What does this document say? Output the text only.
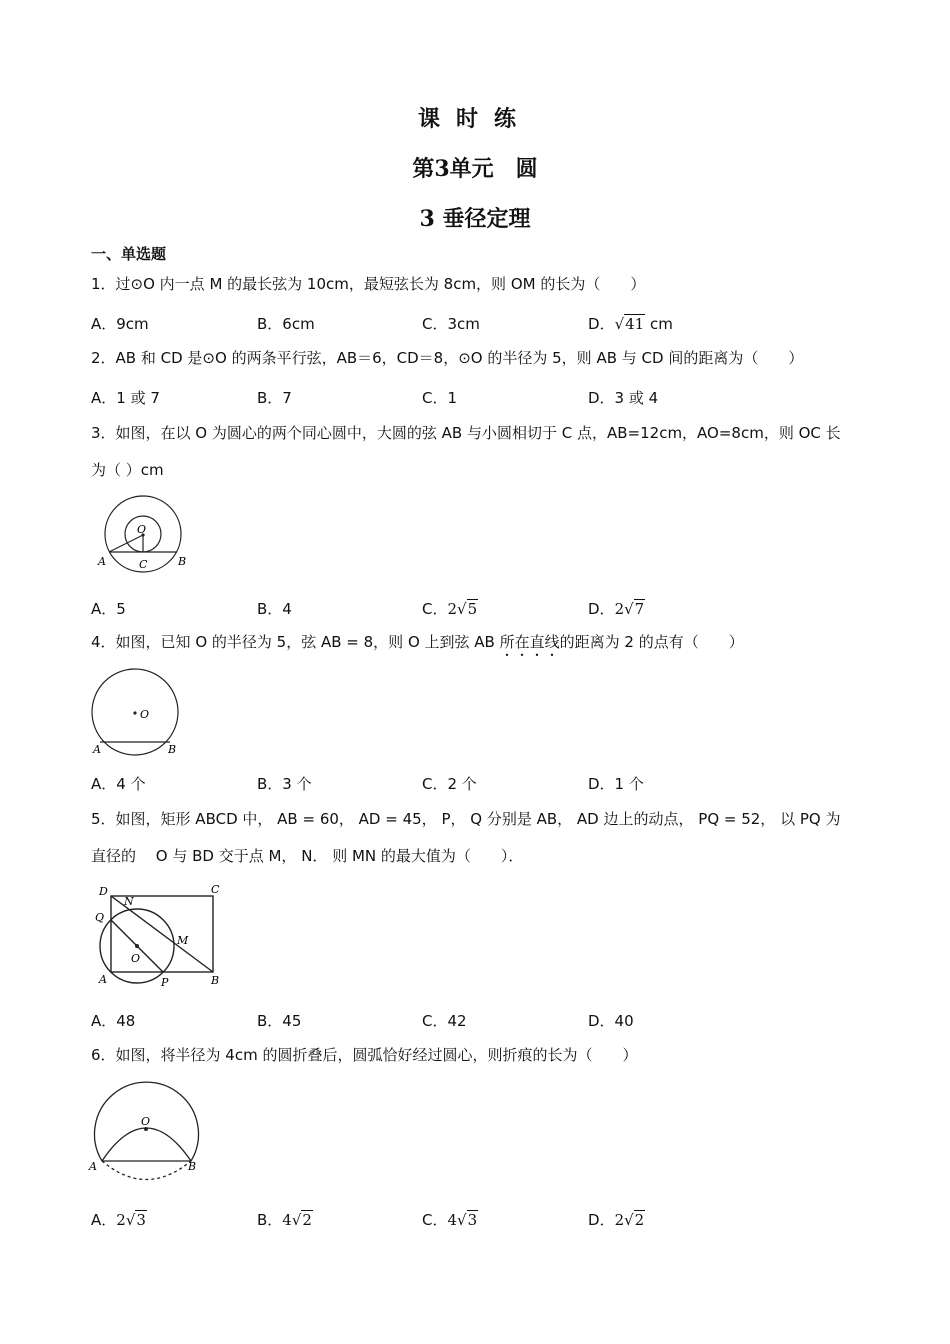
课时练
第3单元　圆
3 垂径定理
一、单选题
1．过⊙O 内一点 M 的最长弦为 10cm，最短弦长为 8cm，则 OM 的长为（　　）
A．9cm	B．6cm	C．3cm	D．√41 cm
2．AB 和 CD 是⊙O 的两条平行弦，AB＝6，CD＝8，⊙O 的半径为 5，则 AB 与 CD 间的距离为（　　）
A．1 或 7	B．7	C．1	D．3 或 4
3．如图，在以 O 为圆心的两个同心圆中，大圆的弦 AB 与小圆相切于 C 点，AB=12cm，AO=8cm，则 OC 长
为（ ）cm
O
A	B
C
A．5	B．4	C．2√5	D．2√7
4．如图，已知 O 的半径为 5，弦 AB = 8，则 O 上到弦 AB 所在直线的距离为 2 的点有（　　）
O
A	B
A．4 个	B．3 个	C．2 个	D．1 个
5．如图，矩形 ABCD 中， AB = 60， AD = 45， P， Q 分别是 AB， AD 边上的动点， PQ = 52， 以 PQ 为
直径的 　O 与 BD 交于点 M， N． 则 MN 的最大值为（　　）．
D	C
N
Q
M
O
A	P	B
A．48	B．45	C．42	D．40
6．如图，将半径为 4cm 的圆折叠后，圆弧恰好经过圆心，则折痕的长为（　　）
O
A	B
A．2√3	B．4√2	C．4√3	D．2√2
